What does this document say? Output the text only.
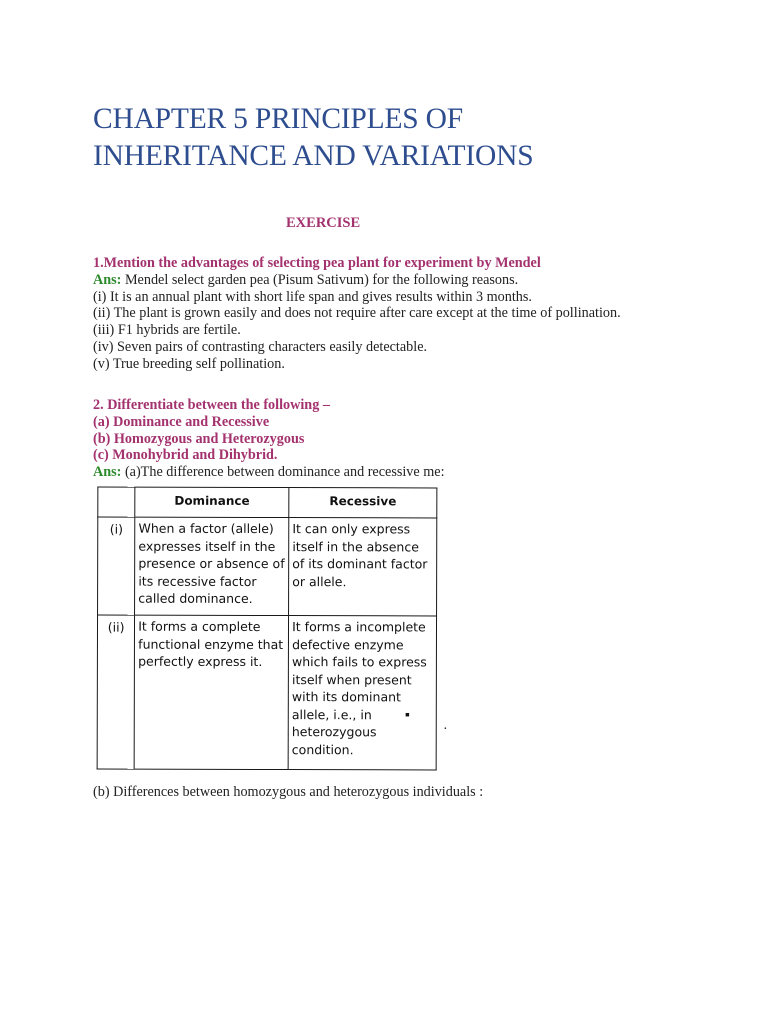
CHAPTER 5 PRINCIPLES OF
INHERITANCE AND VARIATIONS
EXERCISE

1.Mention the advantages of selecting pea plant for experiment by Mendel

Ans: Mendel select garden pea (Pisum Sativum) for the following reasons.

(i) It is an annual plant with short life span and gives results within 3 months.

(ii) The plant is grown easily and does not require after care except at the time of pollination.

(iii) F1 hybrids are fertile.

(iv) Seven pairs of contrasting characters easily detectable.

(v) True breeding self pollination.

2. Differentiate between the following –

(a) Dominance and Recessive

(b) Homozygous and Heterozygous

(c) Monohybrid and Dihybrid.

Ans: (a)The difference between dominance and recessive me:

(b) Differences between homozygous and heterozygous individuals :

	Dominance	Recessive
(i)	When a factor (allele) expresses itself in the presence or absence of its recessive factor called dominance.	It can only express itself in the absence of its dominant factor or allele.
(ii)	It forms a complete functional enzyme that perfectly express it.	It forms a incomplete defective enzyme which fails to express itself when present with its dominant allele, i.e., in heterozygous condition.
▪
·
